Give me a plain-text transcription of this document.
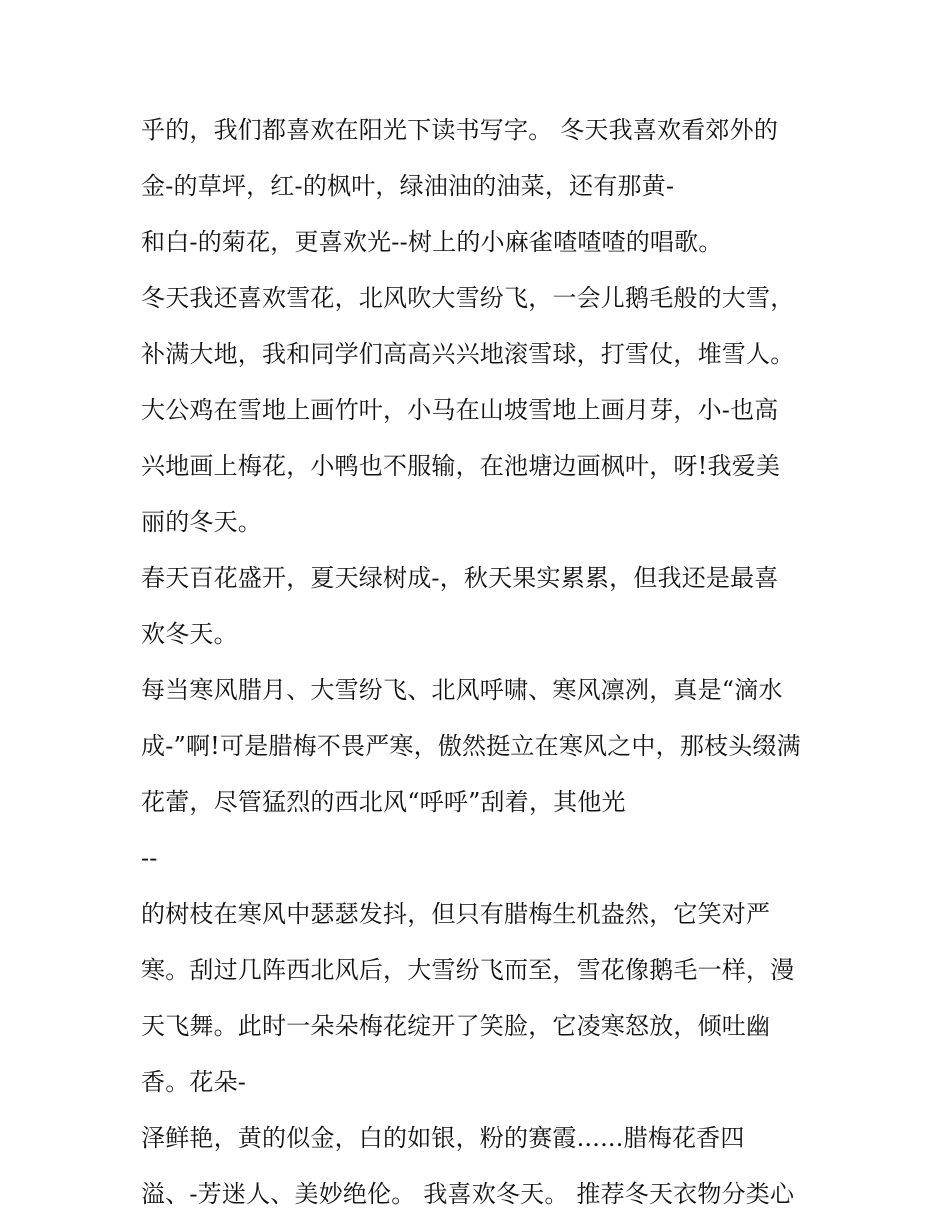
乎的，我们都喜欢在阳光下读书写字。 冬天我喜欢看郊外的
金-的草坪，红-的枫叶，绿油油的油菜，还有那黄-
和白-的菊花，更喜欢光--树上的小麻雀喳喳喳的唱歌。
冬天我还喜欢雪花，北风吹大雪纷飞，一会儿鹅毛般的大雪，
补满大地，我和同学们高高兴兴地滚雪球，打雪仗，堆雪人。
大公鸡在雪地上画竹叶，小马在山坡雪地上画月芽，小-也高
兴地画上梅花，小鸭也不服输，在池塘边画枫叶，呀!我爱美
丽的冬天。
春天百花盛开，夏天绿树成-，秋天果实累累，但我还是最喜
欢冬天。
每当寒风腊月、大雪纷飞、北风呼啸、寒风凛冽，真是“滴水
成-”啊!可是腊梅不畏严寒，傲然挺立在寒风之中，那枝头缀满
花蕾，尽管猛烈的西北风“呼呼”刮着，其他光
--
的树枝在寒风中瑟瑟发抖，但只有腊梅生机盎然，它笑对严
寒。刮过几阵西北风后，大雪纷飞而至，雪花像鹅毛一样，漫
天飞舞。此时一朵朵梅花绽开了笑脸，它凌寒怒放，倾吐幽
香。花朵-
泽鲜艳，黄的似金，白的如银，粉的赛霞......腊梅花香四
溢、-芳迷人、美妙绝伦。 我喜欢冬天。 推荐冬天衣物分类心
